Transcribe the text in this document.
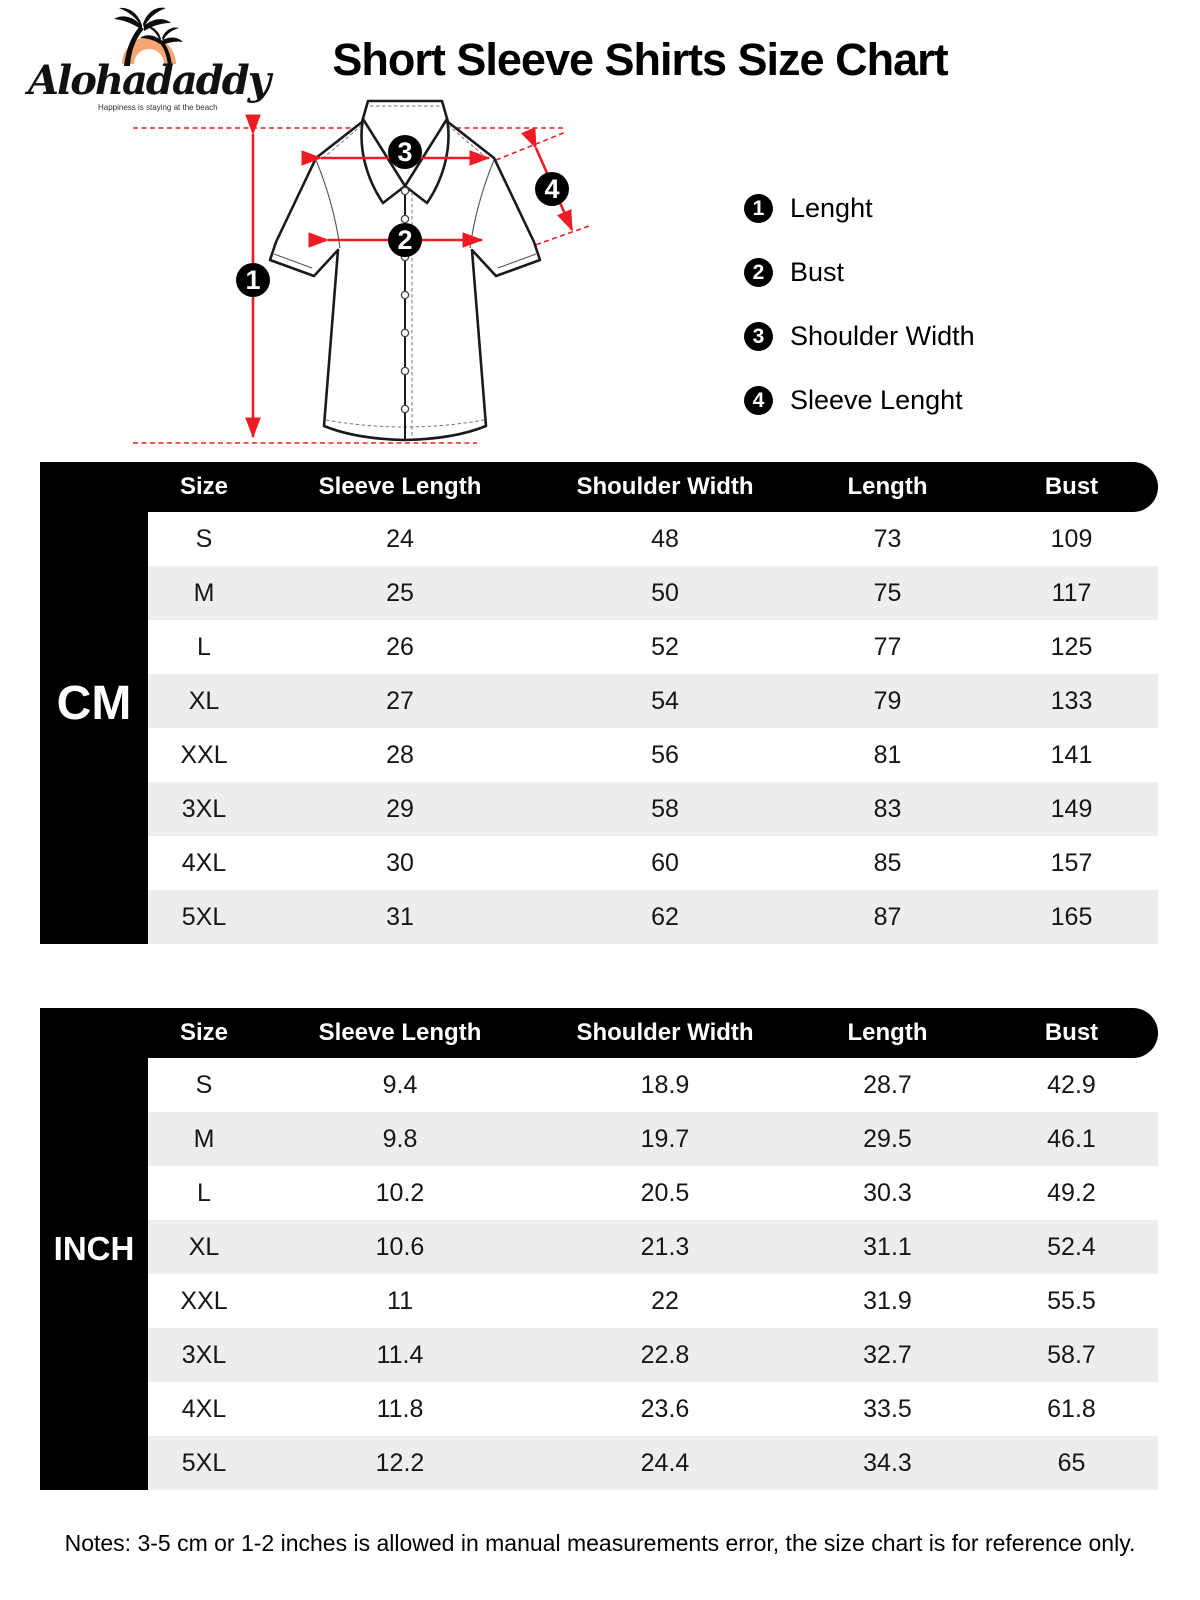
Alohadaddy
Happiness is staying at the beach
Short Sleeve Shirts Size Chart
1
2
3
4
1 Lenght
2 Bust
3 Shoulder Width
4 Sleeve Lenght
CM
Size	Sleeve Length	Shoulder Width	Length	Bust
S	24	48	73	109
M	25	50	75	117
L	26	52	77	125
XL	27	54	79	133
XXL	28	56	81	141
3XL	29	58	83	149
4XL	30	60	85	157
5XL	31	62	87	165
INCH
Size	Sleeve Length	Shoulder Width	Length	Bust
S	9.4	18.9	28.7	42.9
M	9.8	19.7	29.5	46.1
L	10.2	20.5	30.3	49.2
XL	10.6	21.3	31.1	52.4
XXL	11	22	31.9	55.5
3XL	11.4	22.8	32.7	58.7
4XL	11.8	23.6	33.5	61.8
5XL	12.2	24.4	34.3	65
Notes: 3-5 cm or 1-2 inches is allowed in manual measurements error, the size chart is for reference only.
